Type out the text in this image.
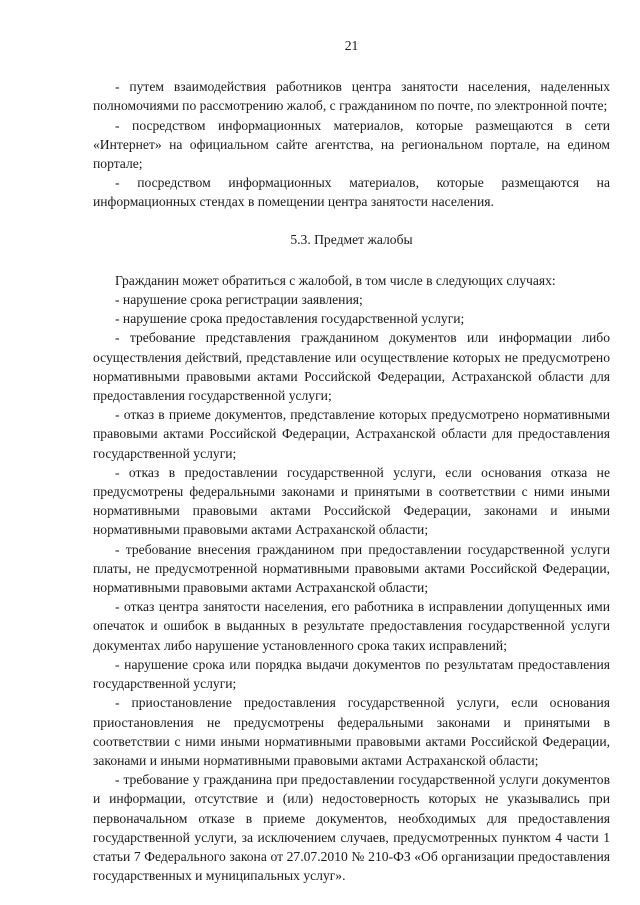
21

- путем взаимодействия работников центра занятости населения, наделенных полномочиями по рассмотрению жалоб, с гражданином по почте, по электронной почте;

- посредством информационных материалов, которые размещаются в сети «Интернет» на официальном сайте агентства, на региональном портале, на едином портале;

- посредством информационных материалов, которые размещаются на информационных стендах в помещении центра занятости населения.

5.3. Предмет жалобы

Гражданин может обратиться с жалобой, в том числе в следующих случаях:

- нарушение срока регистрации заявления;

- нарушение срока предоставления государственной услуги;

- требование представления гражданином документов или информации либо осуществления действий, представление или осуществление которых не предусмотрено нормативными правовыми актами Российской Федерации, Астраханской области для предоставления государственной услуги;

- отказ в приеме документов, представление которых предусмотрено нормативными правовыми актами Российской Федерации, Астраханской области для предоставления государственной услуги;

- отказ в предоставлении государственной услуги, если основания отказа не предусмотрены федеральными законами и принятыми в соответствии с ними иными нормативными правовыми актами Российской Федерации, законами и иными нормативными правовыми актами Астраханской области;

- требование внесения гражданином при предоставлении государственной услуги платы, не предусмотренной нормативными правовыми актами Российской Федерации, нормативными правовыми актами Астраханской области;

- отказ центра занятости населения, его работника в исправлении допущенных ими опечаток и ошибок в выданных в результате предоставления государственной услуги документах либо нарушение установленного срока таких исправлений;

- нарушение срока или порядка выдачи документов по результатам предоставления государственной услуги;

- приостановление предоставления государственной услуги, если основания приостановления не предусмотрены федеральными законами и принятыми в соответствии с ними иными нормативными правовыми актами Российской Федерации, законами и иными нормативными правовыми актами Астраханской области;

- требование у гражданина при предоставлении государственной услуги документов и информации, отсутствие и (или) недостоверность которых не указывались при первоначальном отказе в приеме документов, необходимых для предоставления государственной услуги, за исключением случаев, предусмотренных пунктом 4 части 1 статьи 7 Федерального закона от 27.07.2010 № 210-ФЗ «Об организации предоставления государственных и муниципальных услуг».
